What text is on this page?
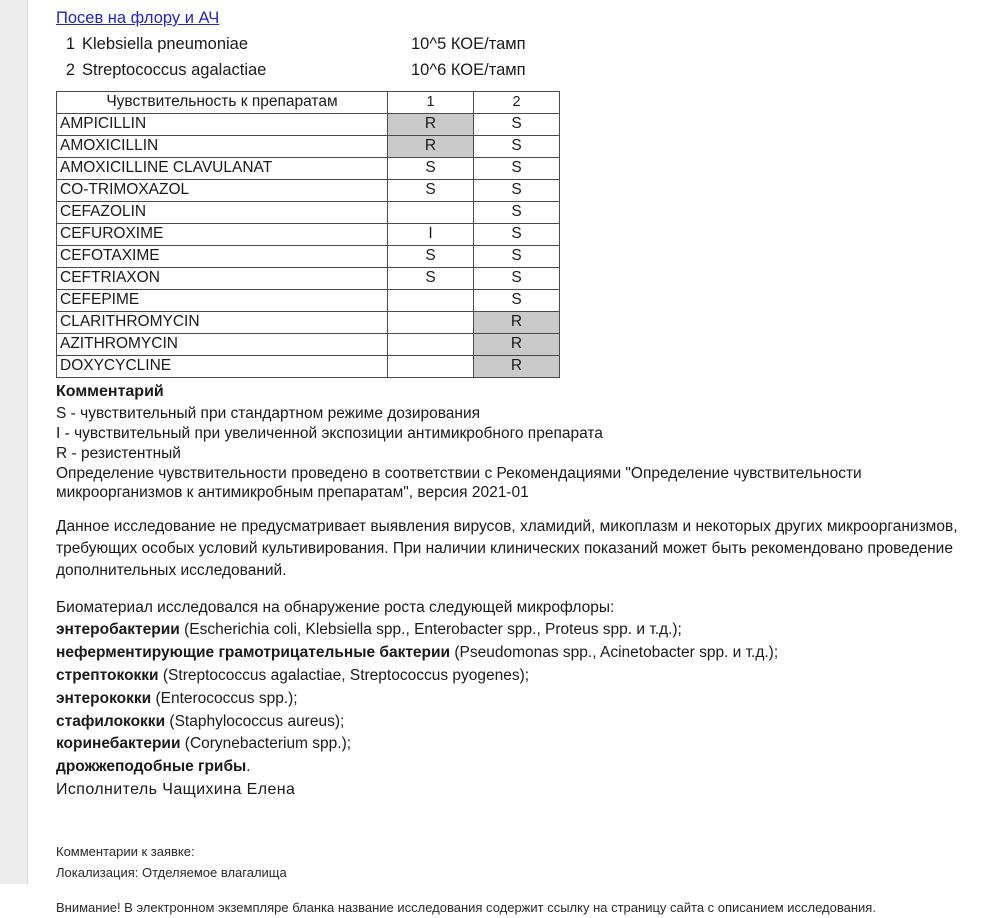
Посев на флору и АЧ
1 Klebsiella pneumoniae	10^5 КОЕ/тамп
2 Streptococcus agalactiae	10^6 КОЕ/тамп
Чувствительность к препаратам	1	2
AMPICILLIN	R	S
AMOXICILLIN	R	S
AMOXICILLINE CLAVULANAT	S	S
CO-TRIMOXAZOL	S	S
CEFAZOLIN		S
CEFUROXIME	I	S
CEFOTAXIME	S	S
CEFTRIAXON	S	S
CEFEPIME		S
CLARITHROMYCIN		R
AZITHROMYCIN		R
DOXYCYCLINE		R
Комментарий
S - чувствительный при стандартном режиме дозирования
I - чувствительный при увеличенной экспозиции антимикробного препарата
R - резистентный
Определение чувствительности проведено в соответствии с Рекомендациями "Определение чувствительности микроорганизмов к антимикробным препаратам", версия 2021-01
Данное исследование не предусматривает выявления вирусов, хламидий, микоплазм и некоторых других микроорганизмов, требующих особых условий культивирования. При наличии клинических показаний может быть рекомендовано проведение дополнительных исследований.
Биоматериал исследовался на обнаружение роста следующей микрофлоры:
энтеробактерии (Escherichia coli, Klebsiella spp., Enterobacter spp., Proteus spp. и т.д.);
неферментирующие грамотрицательные бактерии (Pseudomonas spp., Acinetobacter spp. и т.д.);
стрептококки (Streptococcus agalactiae, Streptococcus pyogenes);
энтерококки (Enterococcus spp.);
стафилококки (Staphylococcus aureus);
коринебактерии (Corynebacterium spp.);
дрожжеподобные грибы.
Исполнитель Чащихина Елена
Комментарии к заявке:
Локализация: Отделяемое влагалища
Внимание! В электронном экземпляре бланка название исследования содержит ссылку на страницу сайта с описанием исследования.
